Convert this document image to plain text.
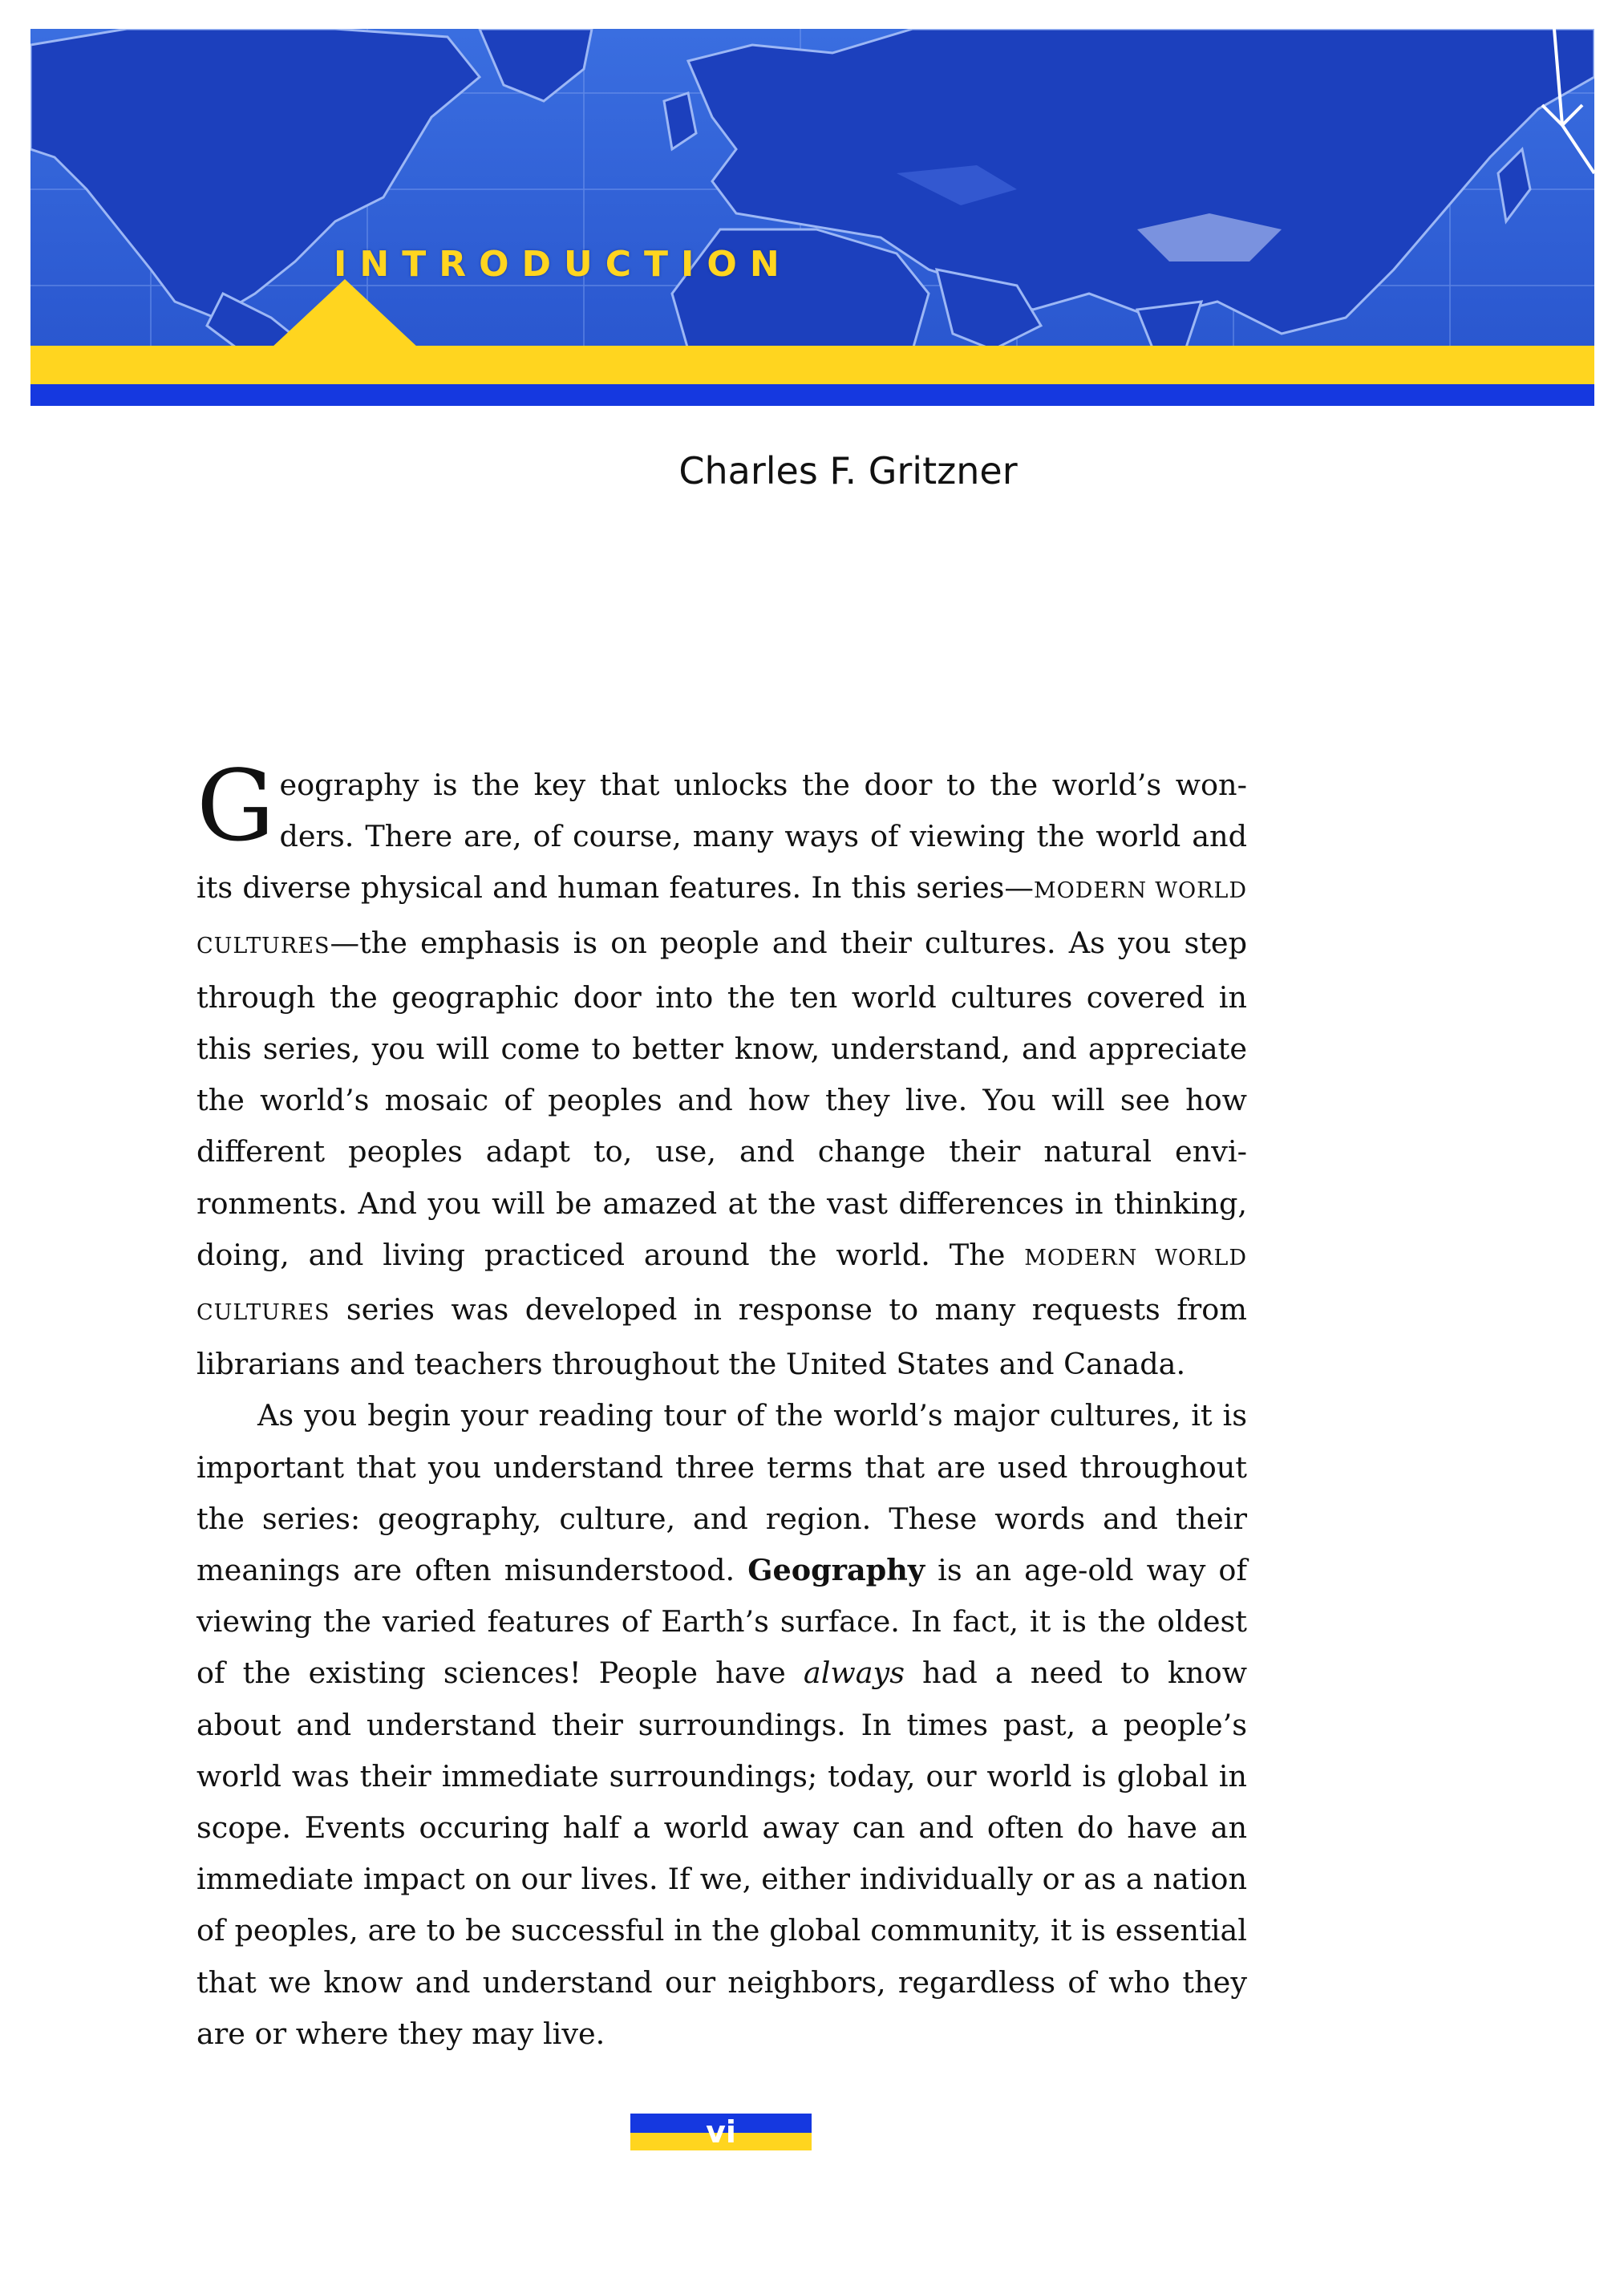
INTRODUCTION
Charles F. Gritzner

Geography is the key that unlocks the door to the world’s wonders. There are, of course, many ways of viewing the world and its diverse physical and human features. In this series—MODERN WORLD CULTURES—the emphasis is on people and their cultures. As you step through the geographic door into the ten world cultures covered in this series, you will come to better know, understand, and appreciate the world’s mosaic of peoples and how they live. You will see how different peoples adapt to, use, and change their natural environments. And you will be amazed at the vast differences in thinking, doing, and living practiced around the world. The MODERN WORLD CULTURES series was developed in response to many requests from librarians and teachers throughout the United States and Canada.

As you begin your reading tour of the world’s major cultures, it is important that you understand three terms that are used throughout the series: geography, culture, and region. These words and their meanings are often misunderstood. Geography is an age-old way of viewing the varied features of Earth’s surface. In fact, it is the oldest of the existing sciences! People have always had a need to know about and understand their surroundings. In times past, a people’s world was their immediate surroundings; today, our world is global in scope. Events occuring half a world away can and often do have an immediate impact on our lives. If we, either individually or as a nation of peoples, are to be successful in the global community, it is essential that we know and understand our neighbors, regardless of who they are or where they may live.

vi
